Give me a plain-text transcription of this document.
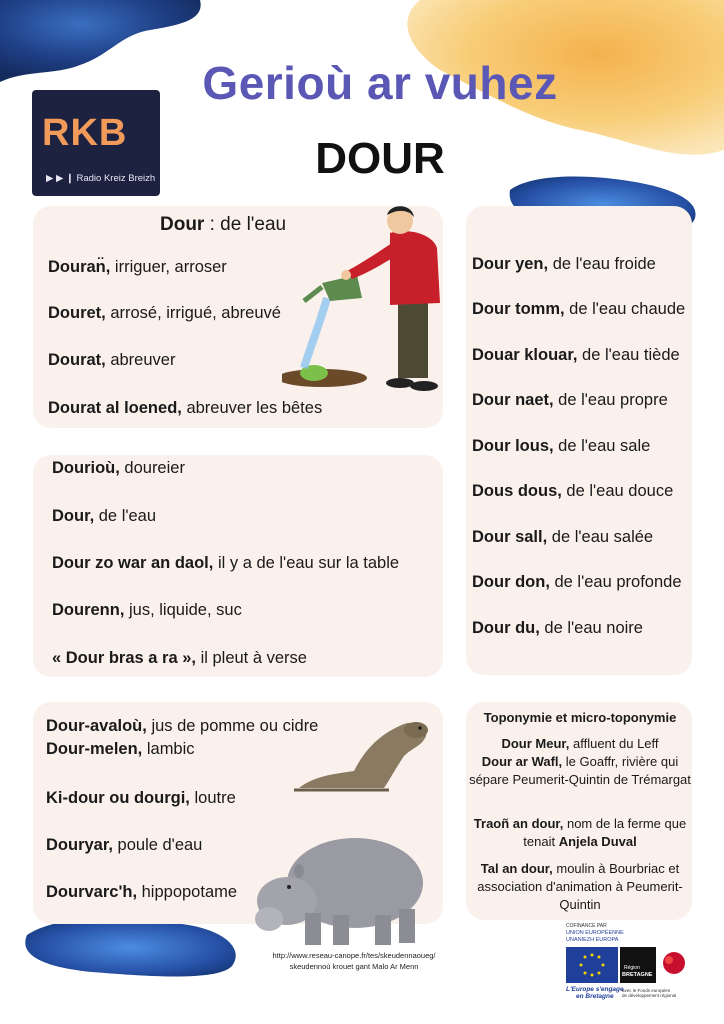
RKB
▶ ▶ ❙ Radio Kreiz Breizh
Gerioù ar vuhez
DOUR
Dour : de l'eau
Douran̈, irriguer, arroser
Douret, arrosé, irrigué, abreuvé
Dourat, abreuver
Dourat al loened, abreuver les bêtes
Dourioù, doureier
Dour, de l'eau
Dour zo war an daol, il y a de l'eau sur la table
Dourenn, jus, liquide, suc
« Dour bras a ra », il pleut à verse
Dour-avaloù, jus de pomme ou cidre
Dour-melen, lambic
Ki-dour ou dourgi, loutre
Douryar, poule d'eau
Dourvarc'h, hippopotame
Dour yen, de l'eau froide
Dour tomm, de l'eau chaude
Douar klouar, de l'eau tiède
Dour naet, de l'eau propre
Dour lous, de l'eau sale
Dous dous, de l'eau douce
Dour sall, de l'eau salée
Dour don, de l'eau profonde
Dour du, de l'eau noire
Toponymie et micro-toponymie
Dour Meur, affluent du Leff
Dour ar Wafl, le Goaffr, rivière qui sépare Peumerit-Quintin de Trémargat
Traoñ an dour, nom de la ferme que tenait Anjela Duval
Tal an dour, moulin à Bourbriac et association d'animation à Peumerit-Quintin
http://www.reseau-canope.fr/tes/skeudennaoueg/
skeudennoù krouet gant Malo Ar Menn
COFINANCÉ PAR
UNION EUROPÉENNE
UNANIEZH EUROPA
Région
BRETAGNE
L'Europe s'engage
en Bretagne
avec le Fonds européen
de développement régional
